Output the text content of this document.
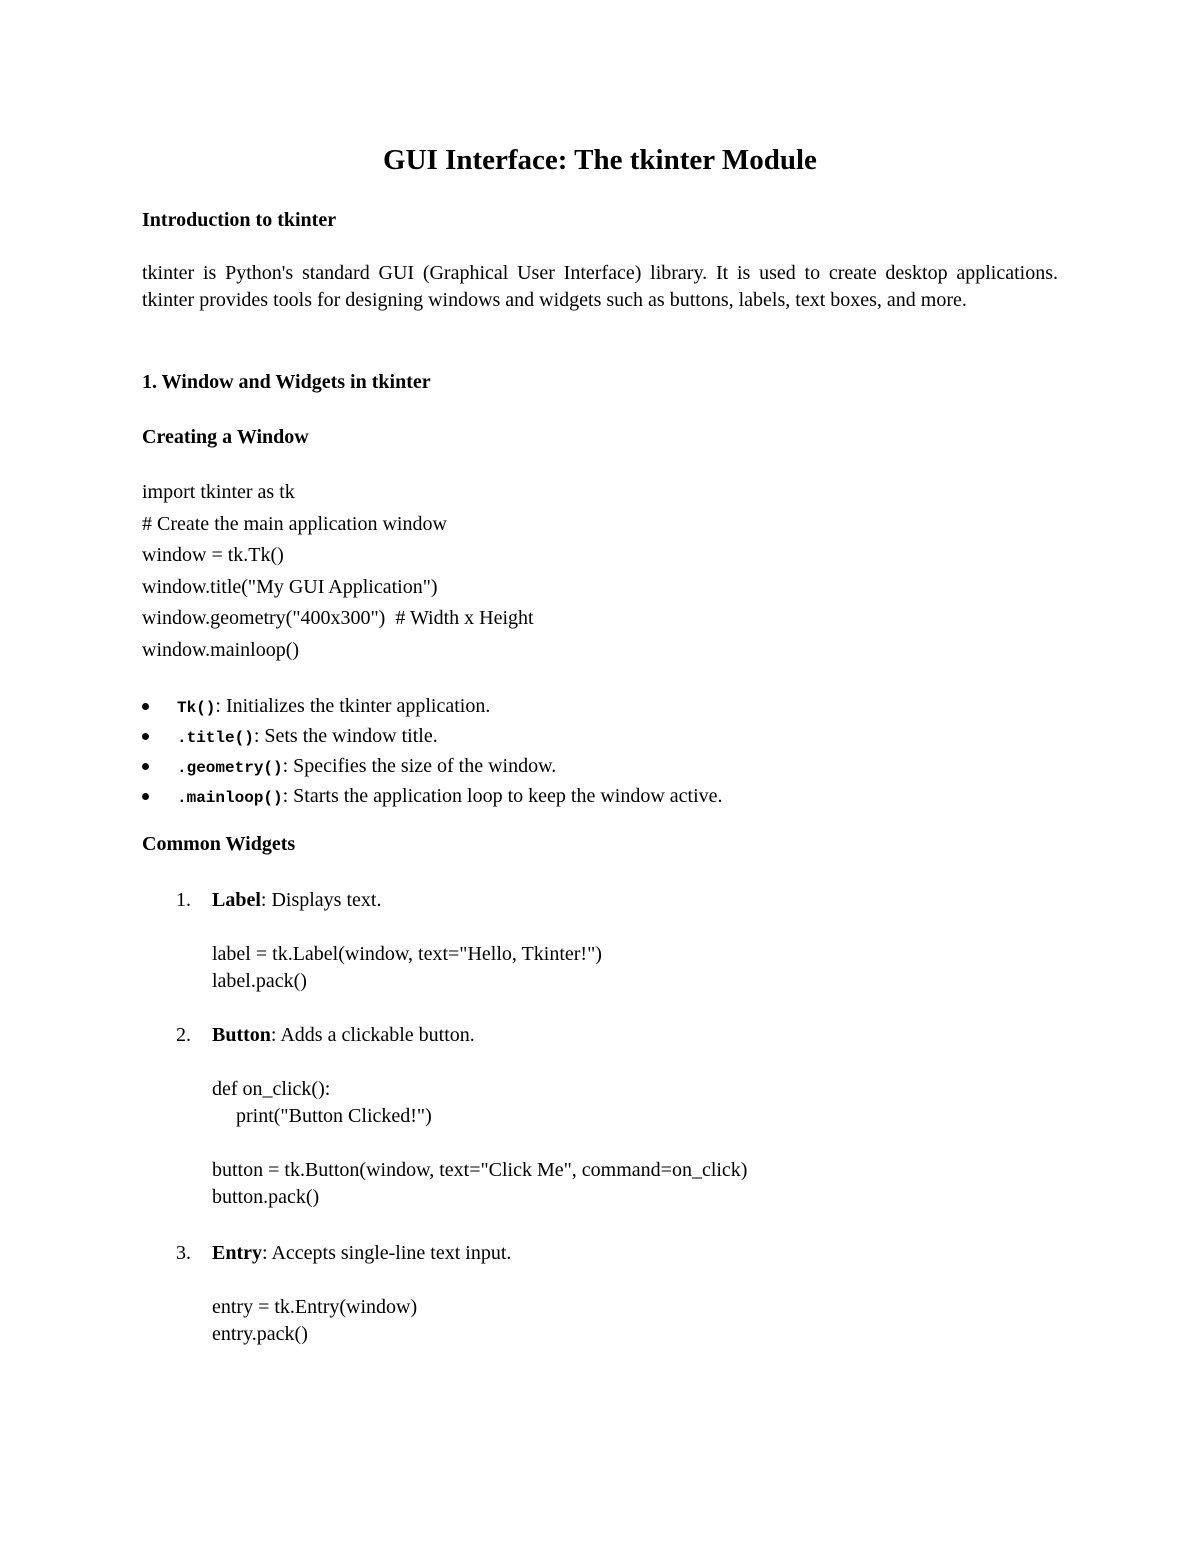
GUI Interface: The tkinter Module
Introduction to tkinter

tkinter is Python's standard GUI (Graphical User Interface) library. It is used to create desktop applications. tkinter provides tools for designing windows and widgets such as buttons, labels, text boxes, and more.

1. Window and Widgets in tkinter
Creating a Window
import tkinter as tk
# Create the main application window
window = tk.Tk()
window.title("My GUI Application")
window.geometry("400x300")  # Width x Height
window.mainloop()
Tk(): Initializes the tkinter application.
.title(): Sets the window title.
.geometry(): Specifies the size of the window.
.mainloop(): Starts the application loop to keep the window active.
Common Widgets
1. Label: Displays text.
label = tk.Label(window, text="Hello, Tkinter!")
label.pack()
2. Button: Adds a clickable button.
def on_click():
print("Button Clicked!")
button = tk.Button(window, text="Click Me", command=on_click)
button.pack()
3. Entry: Accepts single-line text input.
entry = tk.Entry(window)
entry.pack()
